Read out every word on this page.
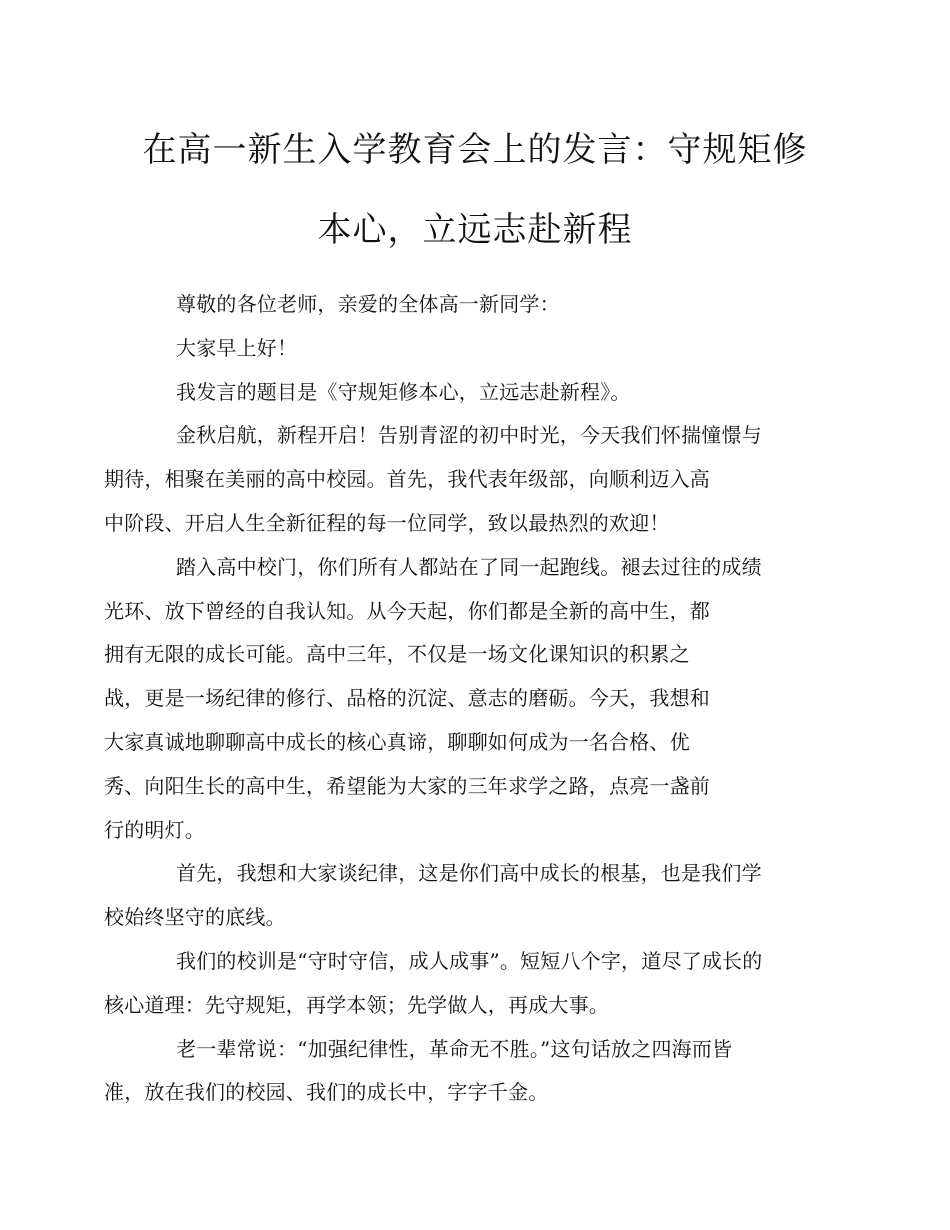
在高一新生入学教育会上的发言：守规矩修
本心，立远志赴新程

尊敬的各位老师，亲爱的全体高一新同学：

大家早上好！

我发言的题目是《守规矩修本心，立远志赴新程》。

金秋启航，新程开启！告别青涩的初中时光，今天我们怀揣憧憬与
期待，相聚在美丽的高中校园。首先，我代表年级部，向顺利迈入高
中阶段、开启人生全新征程的每一位同学，致以最热烈的欢迎！

踏入高中校门，你们所有人都站在了同一起跑线。褪去过往的成绩
光环、放下曾经的自我认知。从今天起，你们都是全新的高中生，都
拥有无限的成长可能。高中三年，不仅是一场文化课知识的积累之
战，更是一场纪律的修行、品格的沉淀、意志的磨砺。今天，我想和
大家真诚地聊聊高中成长的核心真谛，聊聊如何成为一名合格、优
秀、向阳生长的高中生，希望能为大家的三年求学之路，点亮一盏前
行的明灯。

首先，我想和大家谈纪律，这是你们高中成长的根基，也是我们学
校始终坚守的底线。

我们的校训是“守时守信，成人成事”。短短八个字，道尽了成长的
核心道理：先守规矩，再学本领；先学做人，再成大事。

老一辈常说：“加强纪律性，革命无不胜。”这句话放之四海而皆
准，放在我们的校园、我们的成长中，字字千金。
